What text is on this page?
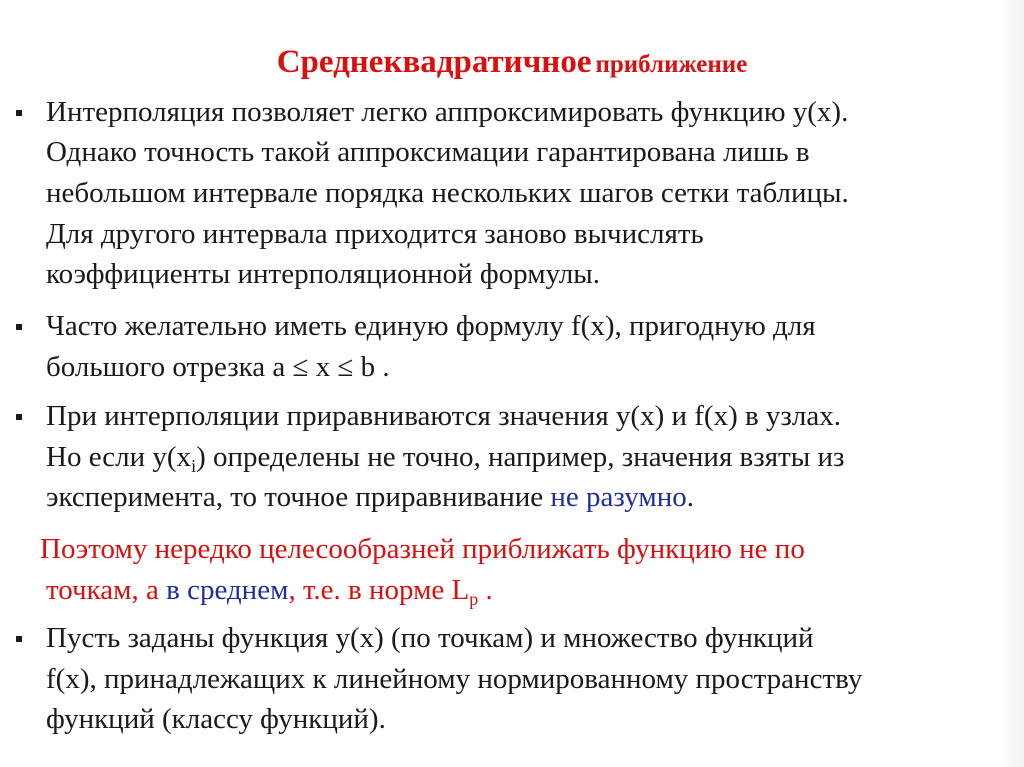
Среднеквадратичное приближение
Интерполяция позволяет легко аппроксимировать функцию y(x).
Однако точность такой аппроксимации гарантирована лишь в
небольшом интервале порядка нескольких шагов сетки таблицы.
Для другого интервала приходится заново вычислять
коэффициенты интерполяционной формулы.
Часто желательно иметь единую формулу f(x), пригодную для
большого отрезка a ≤ x ≤ b .
При интерполяции приравниваются значения y(x) и f(x) в узлах.
Но если $y(x_i)$ определены не точно, например, значения взяты из
эксперимента, то точное приравнивание не разумно.
Поэтому нередко целесообразней приближать функцию не по
точкам, а в среднем, т.е. в норме $L_p$ .
Пусть заданы функция y(x) (по точкам) и множество функций
f(x), принадлежащих к линейному нормированному пространству
функций (классу функций).
